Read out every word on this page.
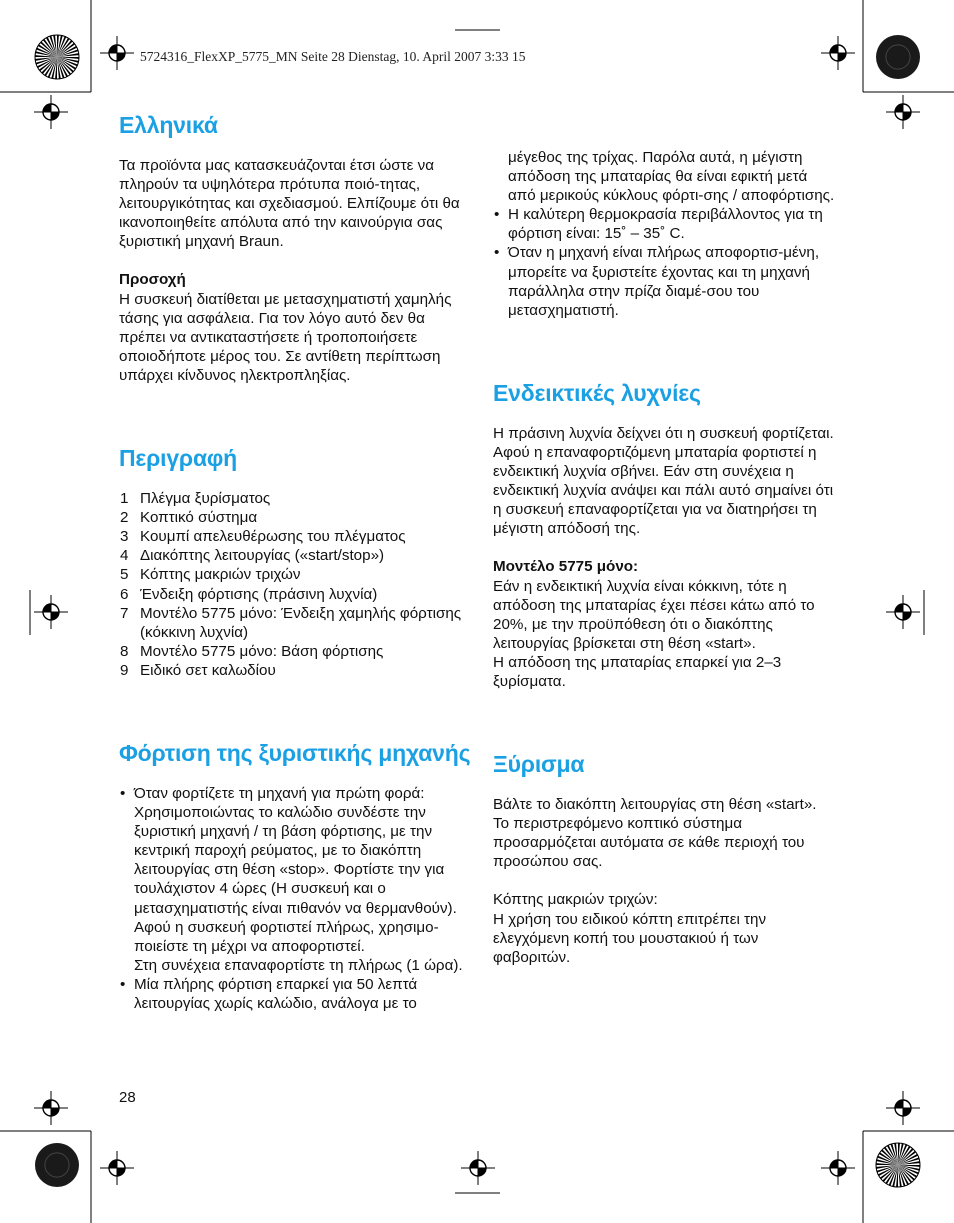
5724316_FlexXP_5775_MN Seite 28 Dienstag, 10. April 2007 3:33 15
Ελληνικά

Τα προϊόντα μας κατασκευάζονται έτσι ώστε να πληρούν τα υψηλότερα πρότυπα ποιό-τητας, λειτουργικότητας και σχεδιασμού. Ελπίζουμε ότι θα ικανοποιηθείτε απόλυτα από την καινούργια σας ξυριστική μηχανή Braun.

Προσοχή

Η συσκευή διατίθεται με μετασχηματιστή χαμηλής τάσης για ασφάλεια. Για τον λόγο αυτό δεν θα πρέπει να αντικαταστήσετε ή τροποποιήσετε οποιοδήποτε μέρος του. Σε αντίθετη περίπτωση υπάρχει κίνδυνος ηλεκτροπληξίας.

Περιγραφή
1 Πλέγμα ξυρίσματος
2 Κοπτικό σύστημα
3 Κουμπί απελευθέρωσης του πλέγματος
4 Διακόπτης λειτουργίας («start/stop»)
5 Κόπτης μακριών τριχών
6 Ένδειξη φόρτισης (πράσινη λυχνία)
7 Μοντέλο 5775 μόνο: Ένδειξη χαμηλής φόρτισης (κόκκινη λυχνία)
8 Μοντέλο 5775 μόνο: Βάση φόρτισης
9 Ειδικό σετ καλωδίου
Φόρτιση της ξυριστικής μηχανής
• Όταν φορτίζετε τη μηχανή για πρώτη φορά: Χρησιμοποιώντας το καλώδιο συνδέστε την ξυριστική μηχανή / τη βάση φόρτισης, με την κεντρική παροχή ρεύματος, με το διακόπτη λειτουργίας στη θέση «stop». Φορτίστε την για τουλάχιστον 4 ώρες (Η συσκευή και ο μετασχηματιστής είναι πιθανόν να θερμανθούν). Αφού η συσκευή φορτιστεί πλήρως, χρησιμο-ποιείστε τη μέχρι να αποφορτιστεί.
Στη συνέχεια επαναφορτίστε τη πλήρως (1 ώρα).
• Μία πλήρης φόρτιση επαρκεί για 50 λεπτά λειτουργίας χωρίς καλώδιο, ανάλογα με το

μέγεθος της τρίχας. Παρόλα αυτά, η μέγιστη απόδοση της μπαταρίας θα είναι εφικτή μετά από μερικούς κύκλους φόρτι-σης / αποφόρτισης.

• Η καλύτερη θερμοκρασία περιβάλλοντος για τη φόρτιση είναι: 15˚ – 35˚ C.
• Όταν η μηχανή είναι πλήρως αποφορτισ-μένη, μπορείτε να ξυριστείτε έχοντας και τη μηχανή παράλληλα στην πρίζα διαμέ-σου του μετασχηματιστή.
Ενδεικτικές λυχνίες

Η πράσινη λυχνία δείχνει ότι η συσκευή φορτίζεται. Αφού η επαναφορτιζόμενη μπαταρία φορτιστεί η ενδεικτική λυχνία σβήνει. Εάν στη συνέχεια η ενδεικτική λυχνία ανάψει και πάλι αυτό σημαίνει ότι η συσκευή επαναφορτίζεται για να διατηρήσει τη μέγιστη απόδοσή της.

Μοντέλο 5775 μόνο:

Εάν η ενδεικτική λυχνία είναι κόκκινη, τότε η απόδοση της μπαταρίας έχει πέσει κάτω από το 20%, με την προϋπόθεση ότι ο διακόπτης λειτουργίας βρίσκεται στη θέση «start».

Η απόδοση της μπαταρίας επαρκεί για 2–3 ξυρίσματα.

Ξύρισμα

Βάλτε το διακόπτη λειτουργίας στη θέση «start».

Το περιστρεφόμενο κοπτικό σύστημα προσαρμόζεται αυτόματα σε κάθε περιοχή του προσώπου σας.

Κόπτης μακριών τριχών:

Η χρήση του ειδικού κόπτη επιτρέπει την ελεγχόμενη κοπή του μουστακιού ή των φαβοριτών.

28
